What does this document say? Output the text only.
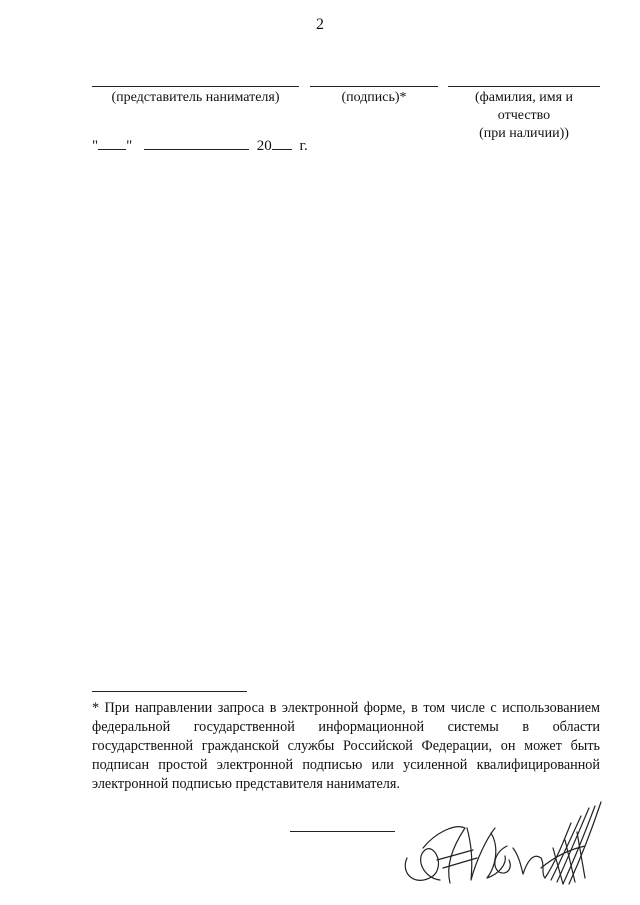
2
(представитель нанимателя)	(подпись)*	(фамилия, имя и
отчество
(при наличии))
" "	20 г.
* При направлении запроса в электронной форме, в том числе с использованием федеральной государственной информационной системы в области государственной гражданской службы Российской Федерации, он может быть подписан простой электронной подписью или усиленной квалифицированной электронной подписью представителя нанимателя.
